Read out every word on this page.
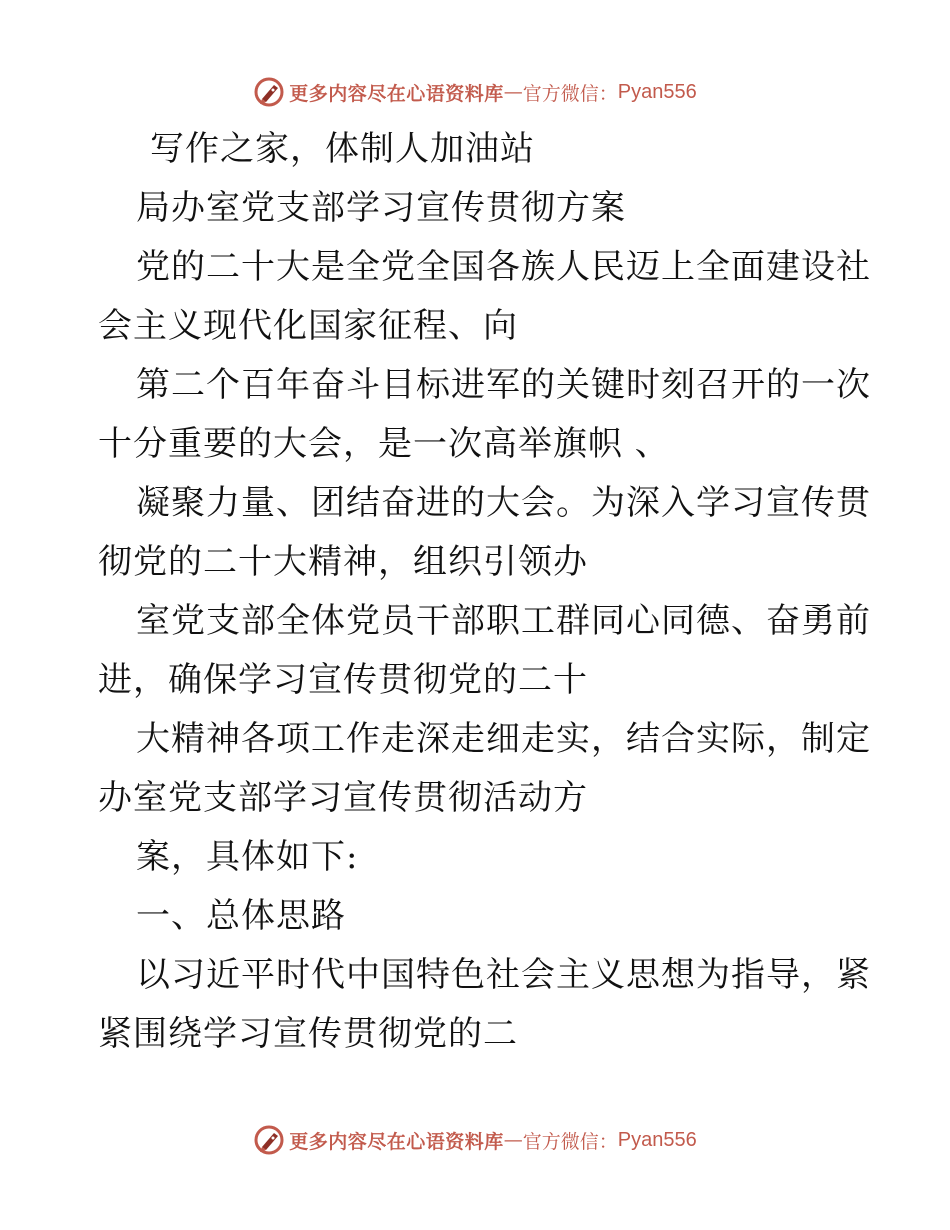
更多内容尽在心语资料库 — 官方微信： Pyan556
写作之家，体制人加油站
局办室党支部学习宣传贯彻方案
党的二十大是全党全国各族人民迈上全面建设社
会主义现代化国家征程、向
第二个百年奋斗目标进军的关键时刻召开的一次
十分重要的大会，是一次高举旗帜 、
凝聚力量、团结奋进的大会。为深入学习宣传贯
彻党的二十大精神，组织引领办
室党支部全体党员干部职工群同心同德、奋勇前
进，确保学习宣传贯彻党的二十
大精神各项工作走深走细走实，结合实际，制定
办室党支部学习宣传贯彻活动方
案，具体如下:
一、总体思路
以习近平时代中国特色社会主义思想为指导，紧
紧围绕学习宣传贯彻党的二
更多内容尽在心语资料库 — 官方微信： Pyan556
